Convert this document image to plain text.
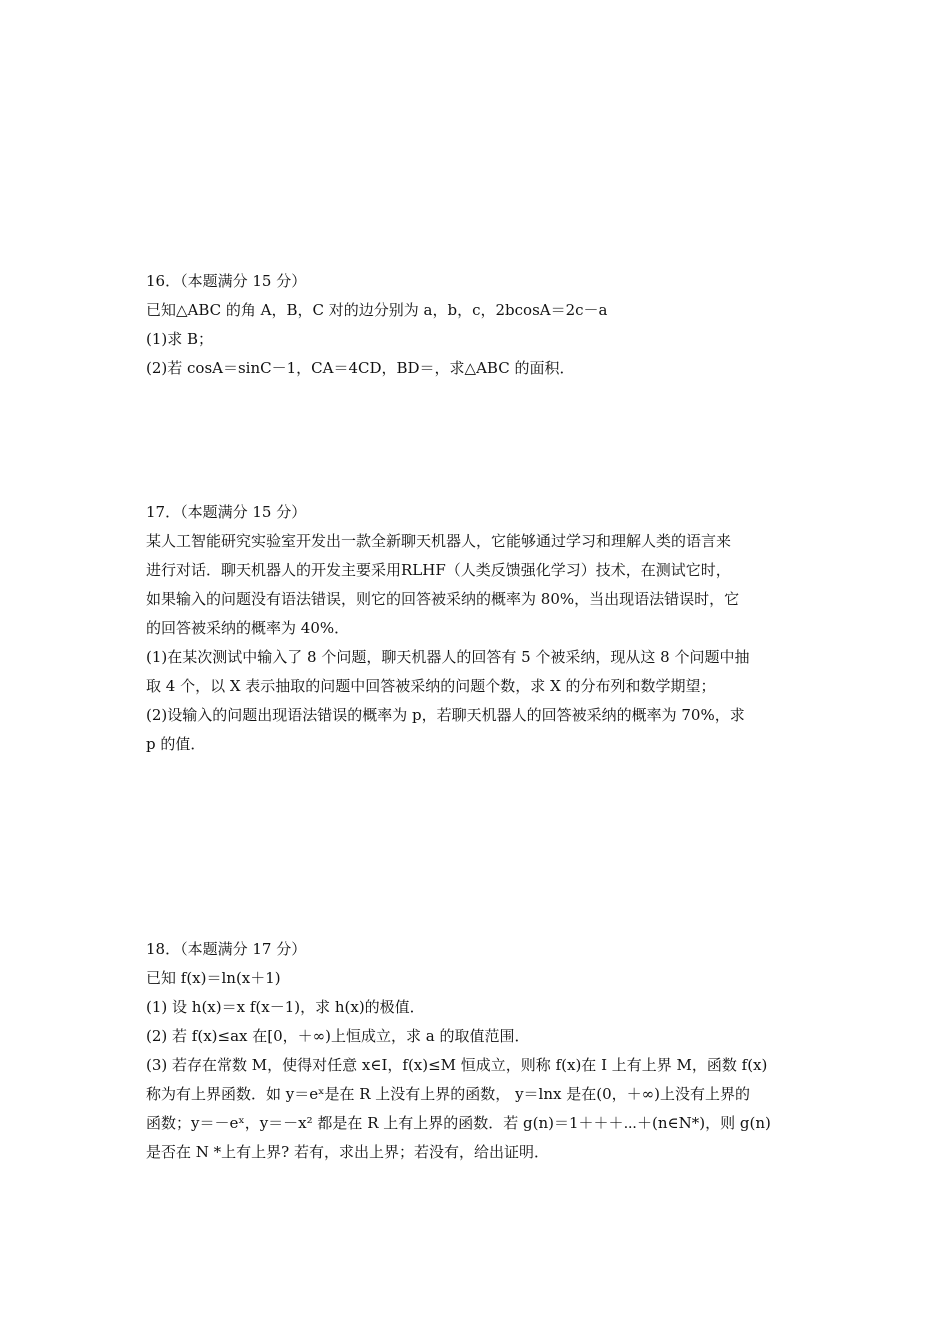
16．（本题满分 15 分）
已知△ABC 的角 A，B，C 对的边分别为 a，b，c，2bcosA＝2c－a
(1)求 B；
(2)若 cosA＝sinC－1，CA＝4CD，BD＝，求△ABC 的面积．
17．（本题满分 15 分）
某人工智能研究实验室开发出一款全新聊天机器人，它能够通过学习和理解人类的语言来
进行对话．聊天机器人的开发主要采用RLHF（人类反馈强化学习）技术，在测试它时，
如果输入的问题没有语法错误，则它的回答被采纳的概率为 80%，当出现语法错误时，它
的回答被采纳的概率为 40%．
(1)在某次测试中输入了 8 个问题，聊天机器人的回答有 5 个被采纳，现从这 8 个问题中抽
取 4 个，以 X 表示抽取的问题中回答被采纳的问题个数，求 X 的分布列和数学期望；
(2)设输入的问题出现语法错误的概率为 p，若聊天机器人的回答被采纳的概率为 70%，求
p 的值．
18．（本题满分 17 分）
已知 f(x)＝ln(x＋1)
(1) 设 h(x)＝x f(x－1)，求 h(x)的极值．
(2) 若 f(x)≤ax 在[0，＋∞)上恒成立，求 a 的取值范围．
(3) 若存在常数 M，使得对任意 x∈I，f(x)≤M 恒成立，则称 f(x)在 I 上有上界 M，函数 f(x)
称为有上界函数．如 y＝eˣ是在 R 上没有上界的函数， y＝lnx 是在(0，＋∞)上没有上界的
函数；y＝－eˣ，y＝－x² 都是在 R 上有上界的函数．若 g(n)＝1＋＋＋⋯＋(n∈N*)，则 g(n)
是否在 N *上有上界? 若有，求出上界；若没有，给出证明．
